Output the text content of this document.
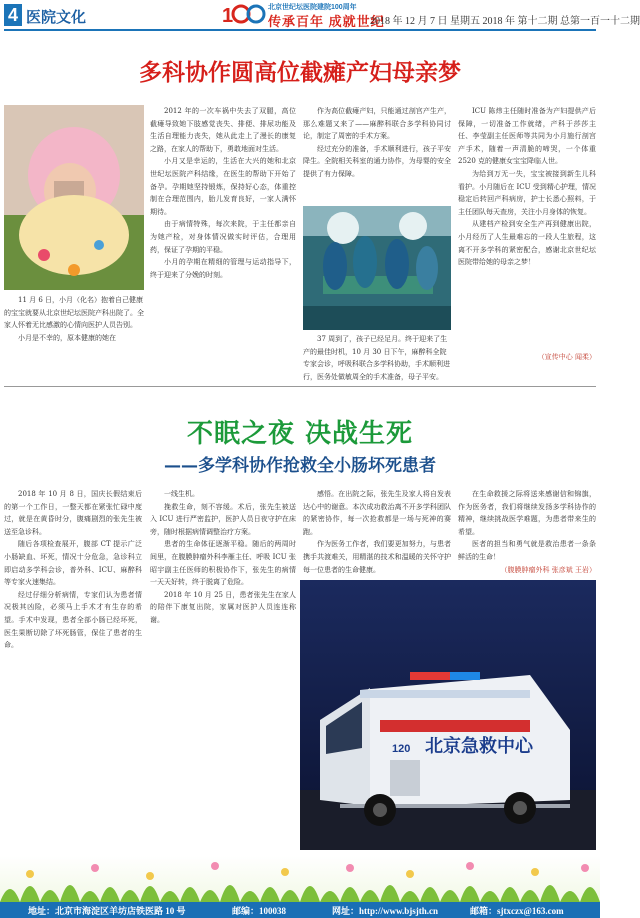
4 医院文化	1	北京世纪坛医院建院100周年
传承百年 成就世纪
2018 年 12 月 7 日 星期五 2018 年 第十二期 总第一百一十二期
多科协作圆高位截瘫产妇母亲梦

11 月 6 日，小月（化名）抱着自己健康的宝宝就要从北京世纪坛医院产科出院了。全家人怀着无比感激的心情向医护人员告别。

小月是不幸的，原本健康的她在

2012 年的一次车祸中失去了双腿，高位截瘫导致她下肢感觉丧失、排便、排尿功能及生活自理能力丧失，她从此走上了漫长的康复之路，在家人的帮助下，勇敢地面对生活。

小月又是幸运的，生活在大兴的她和北京世纪坛医院产科结缘，在医生的帮助下开始了备孕。孕期她坚持锻炼，保持好心态，体重控制在合理范围内，胎儿发育良好，一家人满怀期待。

由于病情特殊，每次来院，于主任都亲自为她产检，对身体情况做实时评估，合理用药，保证了孕期的平稳。

小月的孕期在精细的管理与运动指导下，终于迎来了分娩的时刻。

作为高位截瘫产妇，只能通过剖宫产生产，那么难题又来了——麻醉科联合多学科协同讨论，制定了周密的手术方案。

经过充分的准备，手术顺利进行，孩子平安降生。全院相关科室的通力协作，为母婴的安全提供了有力保障。

37 周到了，孩子已经足月。终于迎来了生产的最佳时机，10 月 30 日下午，麻醉科全院专家会诊，呼吸科联合多学科协助，手术顺利进行，医务处做敏周全的手术准备，母子平安。

ICU 陈炜主任随时准备为产妇提供产后保障，一切准备工作就绪，产科于莎莎主任、李莹副主任医师等共同为小月施行剖宫产手术，随着一声清脆的啼哭，一个体重 2520 克的健康女宝宝降临人世。

为给到万无一失，宝宝被接到新生儿科看护。小月随后在 ICU 受到精心护理，情况稳定后转回产科病房，护士长悉心照料，于主任团队每天查房，关注小月身体的恢复。

从建档产检到安全生产再到健康出院，小月经历了人生最难忘的一段人生旅程，这离不开多学科的紧密配合，感谢北京世纪坛医院带给她的母亲之梦！

（宣传中心 闻柔）
不眠之夜 决战生死
——多学科协作抢救全小肠坏死患者

2018 年 10 月 8 日，国庆长假结束后的第一个工作日，一整天都在紧张忙碌中度过，就是在黄昏时分，腹痛剧烈的张先生被送至急诊科。

随后各项检查展开，腹部 CT 提示广泛小肠缺血、坏死，情况十分危急，急诊科立即启动多学科会诊，普外科、ICU、麻醉科等专家火速集结。

经过仔细分析病情，专家们认为患者情况极其凶险，必须马上手术才有生存的希望。手术中发现，患者全部小肠已经坏死，医生果断切除了坏死肠管，保住了患者的生命。

一线生机。

挽救生命，刻不容缓。术后，张先生被送入 ICU 进行严密监护，医护人员日夜守护在床旁，随时根据病情调整治疗方案。

患者的生命体征逐渐平稳。随后的两周时间里，在腹膜肿瘤外科李雁主任、呼吸 ICU 张昭宇副主任医师的积极协作下，张先生的病情一天天好转，终于脱离了危险。

2018 年 10 月 25 日，患者张先生在家人的陪伴下康复出院，家属对医护人员连连称谢。

感悟。在出院之际，张先生及家人将自发表达心中的谢意。本次成功救治离不开多学科团队的紧密协作，每一次抢救都是一场与死神的赛跑。

作为医务工作者，我们要更加努力，与患者携手共渡难关，用精湛的技术和温暖的关怀守护每一位患者的生命健康。

在生命救援之际将送来感谢信和锦旗，作为医务者，我们将继续发扬多学科协作的精神，继续挑战医学难题，为患者带来生的希望。

医者的担当和勇气就是救治患者一条条鲜活的生命！

（腹膜肿瘤外科 张彦斌 王岩）
北京急救中心
120
地址：北京市海淀区羊坊店铁医路 10 号	邮编：100038	网址：http://www.bjsjth.cn	邮箱：sjtxczx@163.com
